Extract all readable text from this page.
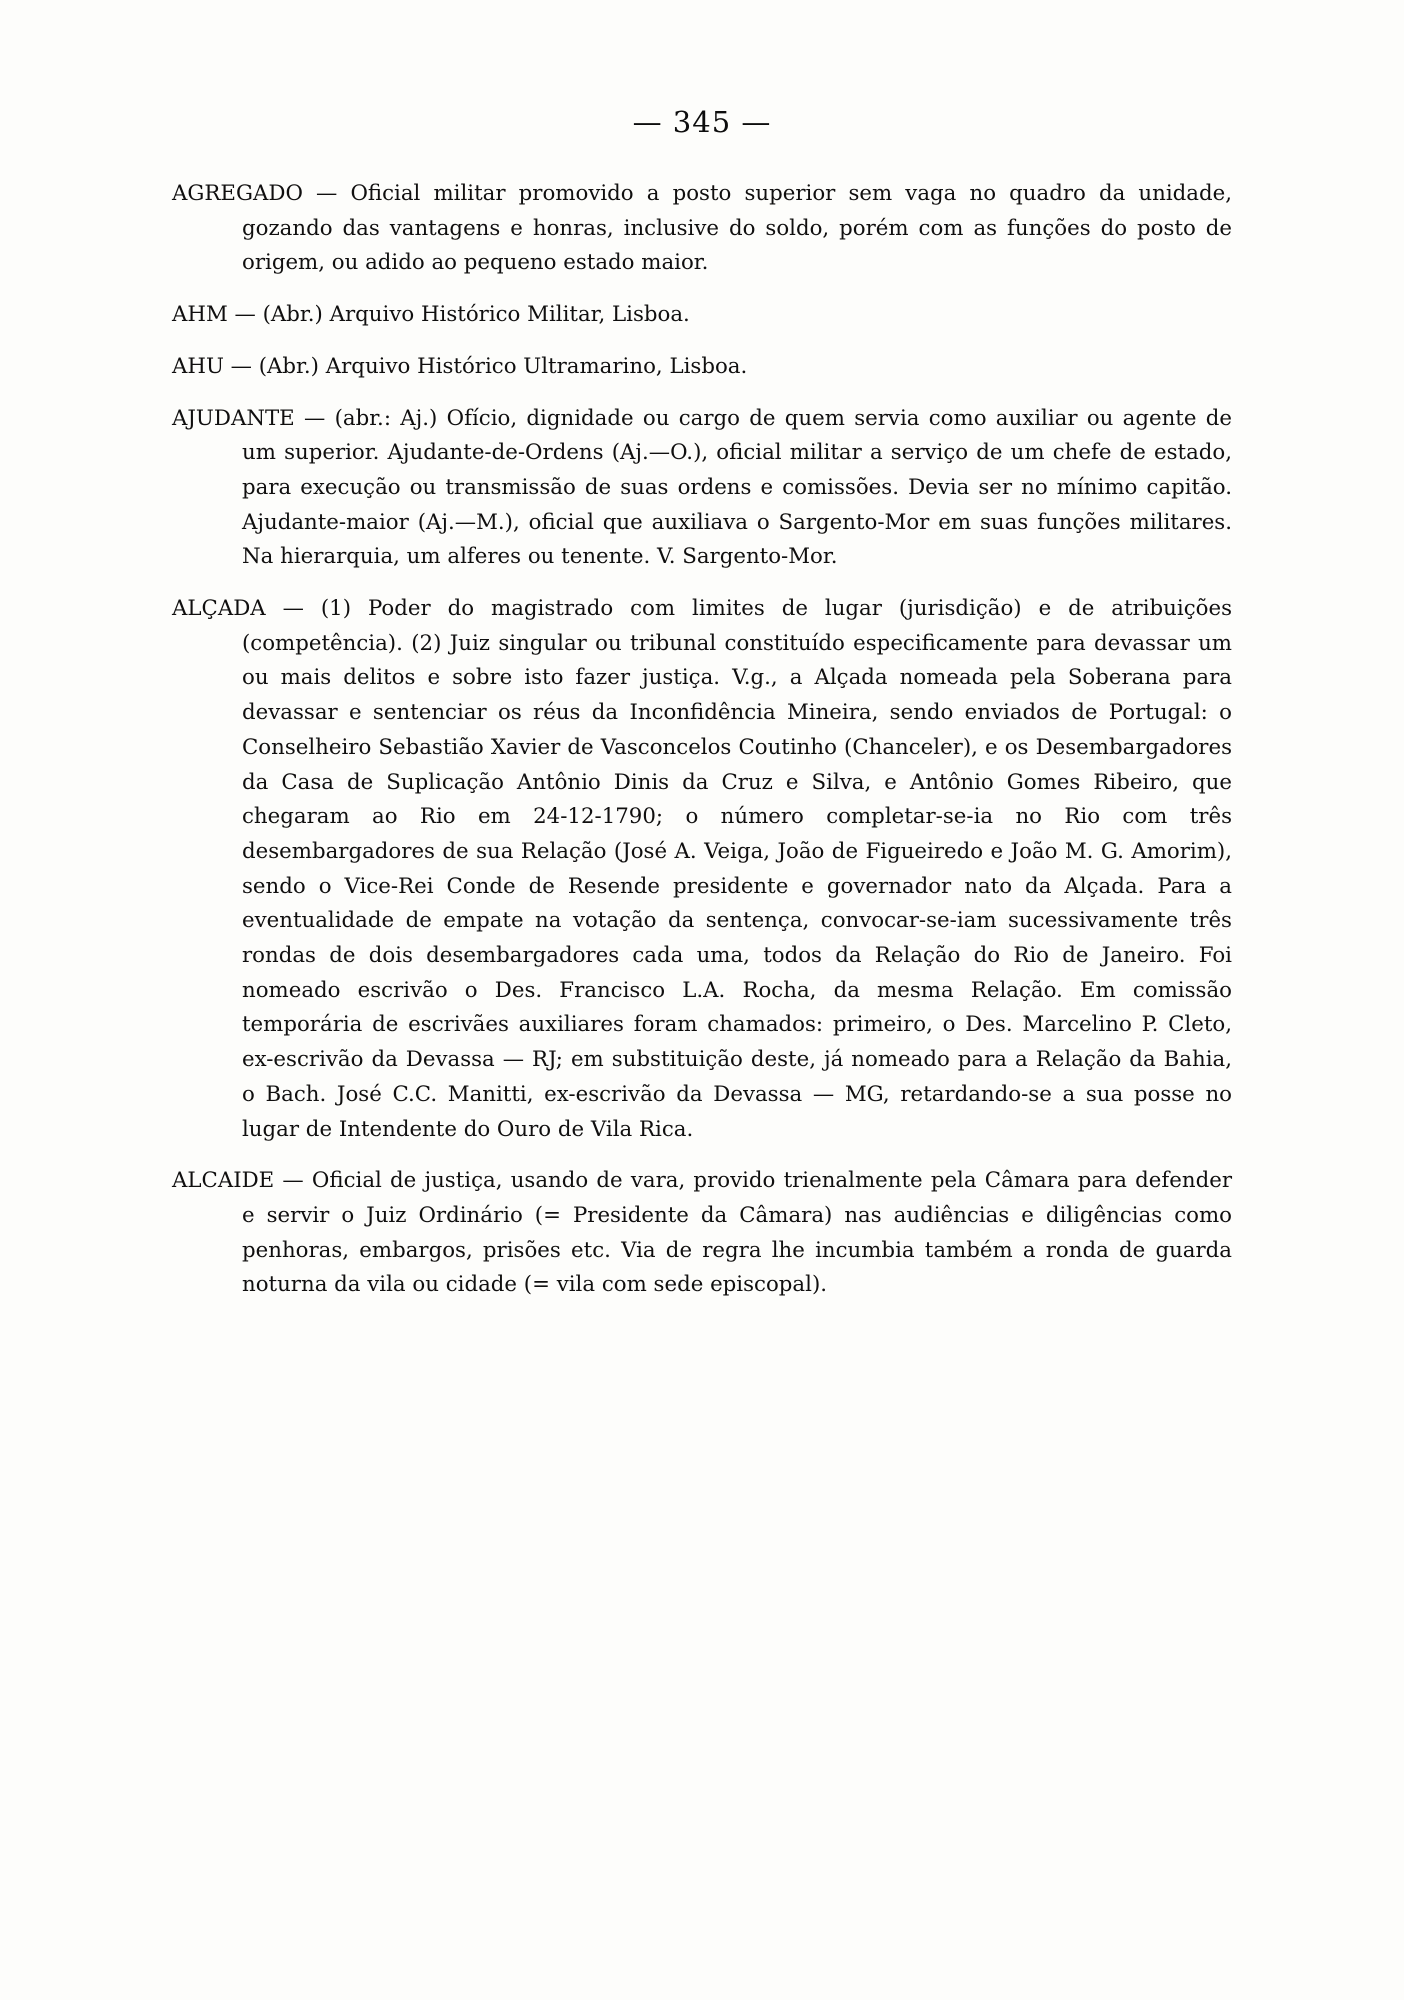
— 345 —
AGREGADO — Oficial militar promovido a posto superior sem vaga no quadro da unidade, gozando das vantagens e honras, inclusive do soldo, porém com as funções do posto de origem, ou adido ao pequeno estado maior.
AHM — (Abr.) Arquivo Histórico Militar, Lisboa.
AHU — (Abr.) Arquivo Histórico Ultramarino, Lisboa.
AJUDANTE — (abr.: Aj.) Ofício, dignidade ou cargo de quem servia como auxiliar ou agente de um superior. Ajudante-de-Ordens (Aj.—O.), oficial militar a serviço de um chefe de estado, para execução ou transmissão de suas ordens e comissões. Devia ser no mínimo capitão. Ajudante-maior (Aj.—M.), oficial que auxiliava o Sargento-Mor em suas funções militares. Na hierarquia, um alferes ou tenente. V. Sargento-Mor.
ALÇADA — (1) Poder do magistrado com limites de lugar (jurisdição) e de atribuições (competência). (2) Juiz singular ou tribunal constituído especificamente para devassar um ou mais delitos e sobre isto fazer justiça. V.g., a Alçada nomeada pela Soberana para devassar e sentenciar os réus da Inconfidência Mineira, sendo enviados de Portugal: o Conselheiro Sebastião Xavier de Vasconcelos Coutinho (Chanceler), e os Desembargadores da Casa de Suplicação Antônio Dinis da Cruz e Silva, e Antônio Gomes Ribeiro, que chegaram ao Rio em 24-12-1790; o número completar-se-ia no Rio com três desembargadores de sua Relação (José A. Veiga, João de Figueiredo e João M. G. Amorim), sendo o Vice-Rei Conde de Resende presidente e governador nato da Alçada. Para a eventualidade de empate na votação da sentença, convocar-se-iam sucessivamente três rondas de dois desembargadores cada uma, todos da Relação do Rio de Janeiro. Foi nomeado escrivão o Des. Francisco L.A. Rocha, da mesma Relação. Em comissão temporária de escrivães auxiliares foram chamados: primeiro, o Des. Marcelino P. Cleto, ex-escrivão da Devassa — RJ; em substituição deste, já nomeado para a Relação da Bahia, o Bach. José C.C. Manitti, ex-escrivão da Devassa — MG, retardando-se a sua posse no lugar de Intendente do Ouro de Vila Rica.
ALCAIDE — Oficial de justiça, usando de vara, provido trienalmente pela Câmara para defender e servir o Juiz Ordinário (= Presidente da Câmara) nas audiências e diligências como penhoras, embargos, prisões etc. Via de regra lhe incumbia também a ronda de guarda noturna da vila ou cidade (= vila com sede episcopal).
